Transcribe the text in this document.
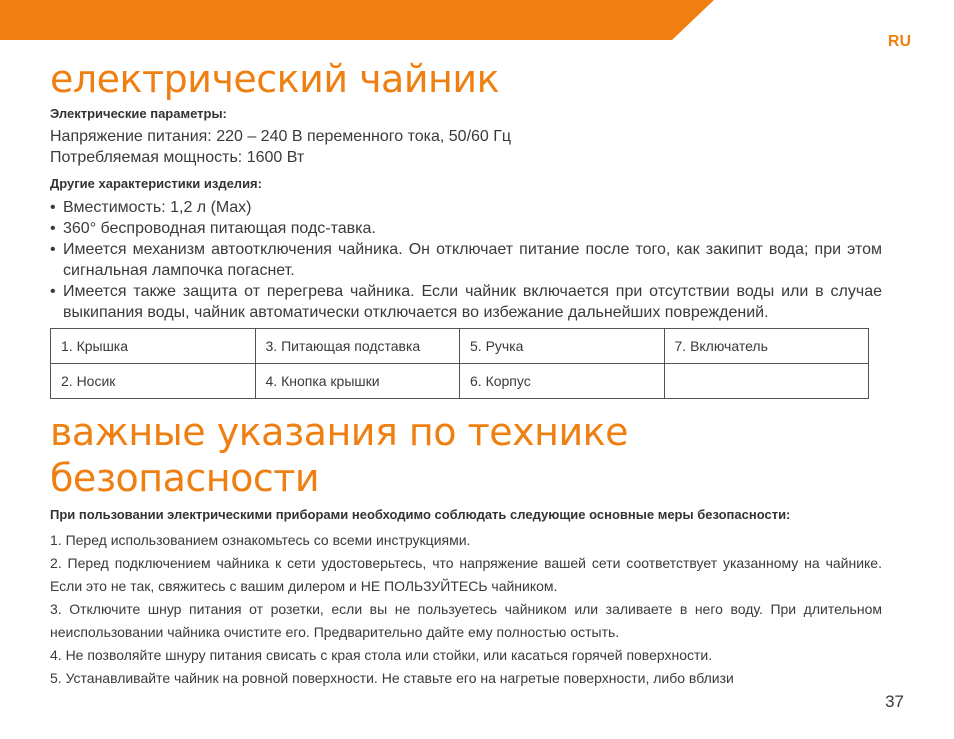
RU
електрический чайник
Электрические параметры:
Напряжение питания: 220 – 240 В переменного тока, 50/60 Гц
Потребляемая мощность: 1600 Вт
Другие характеристики изделия:
• Вместимость: 1,2 л (Max)
• 360° беспроводная питающая подс-тавка.
• Имеется механизм автоотключения чайника. Он отключает питание после того, как закипит вода; при этом сигнальная лампочка погаснет.
• Имеется также защита от перегрева чайника. Если чайник включается при отсутствии воды или в случае выкипания воды, чайник автоматически отключается во избежание дальнейших повреждений.
1. Крышка	3. Питающая подставка	5. Ручка	7. Включатель
2. Носик	4. Кнопка крышки	6. Корпус	
важные указания по технике безопасности
При пользовании электрическими приборами необходимо соблюдать следующие основные меры безопасности:
1. Перед использованием ознакомьтесь со всеми инструкциями.
2. Перед подключением чайника к сети удостоверьтесь, что напряжение вашей сети соответствует указанному на чайнике. Если это не так, свяжитесь с вашим дилером и НЕ ПОЛЬЗУЙТЕСЬ чайником.
3. Отключите шнур питания от розетки, если вы не пользуетесь чайником или заливаете в него воду. При длительном неиспользовании чайника очистите его. Предварительно дайте ему полностью остыть.
4. Не позволяйте шнуру питания свисать с края стола или стойки, или касаться горячей поверхности.
5. Устанавливайте чайник на ровной поверхности. Не ставьте его на нагретые поверхности, либо вблизи
37
